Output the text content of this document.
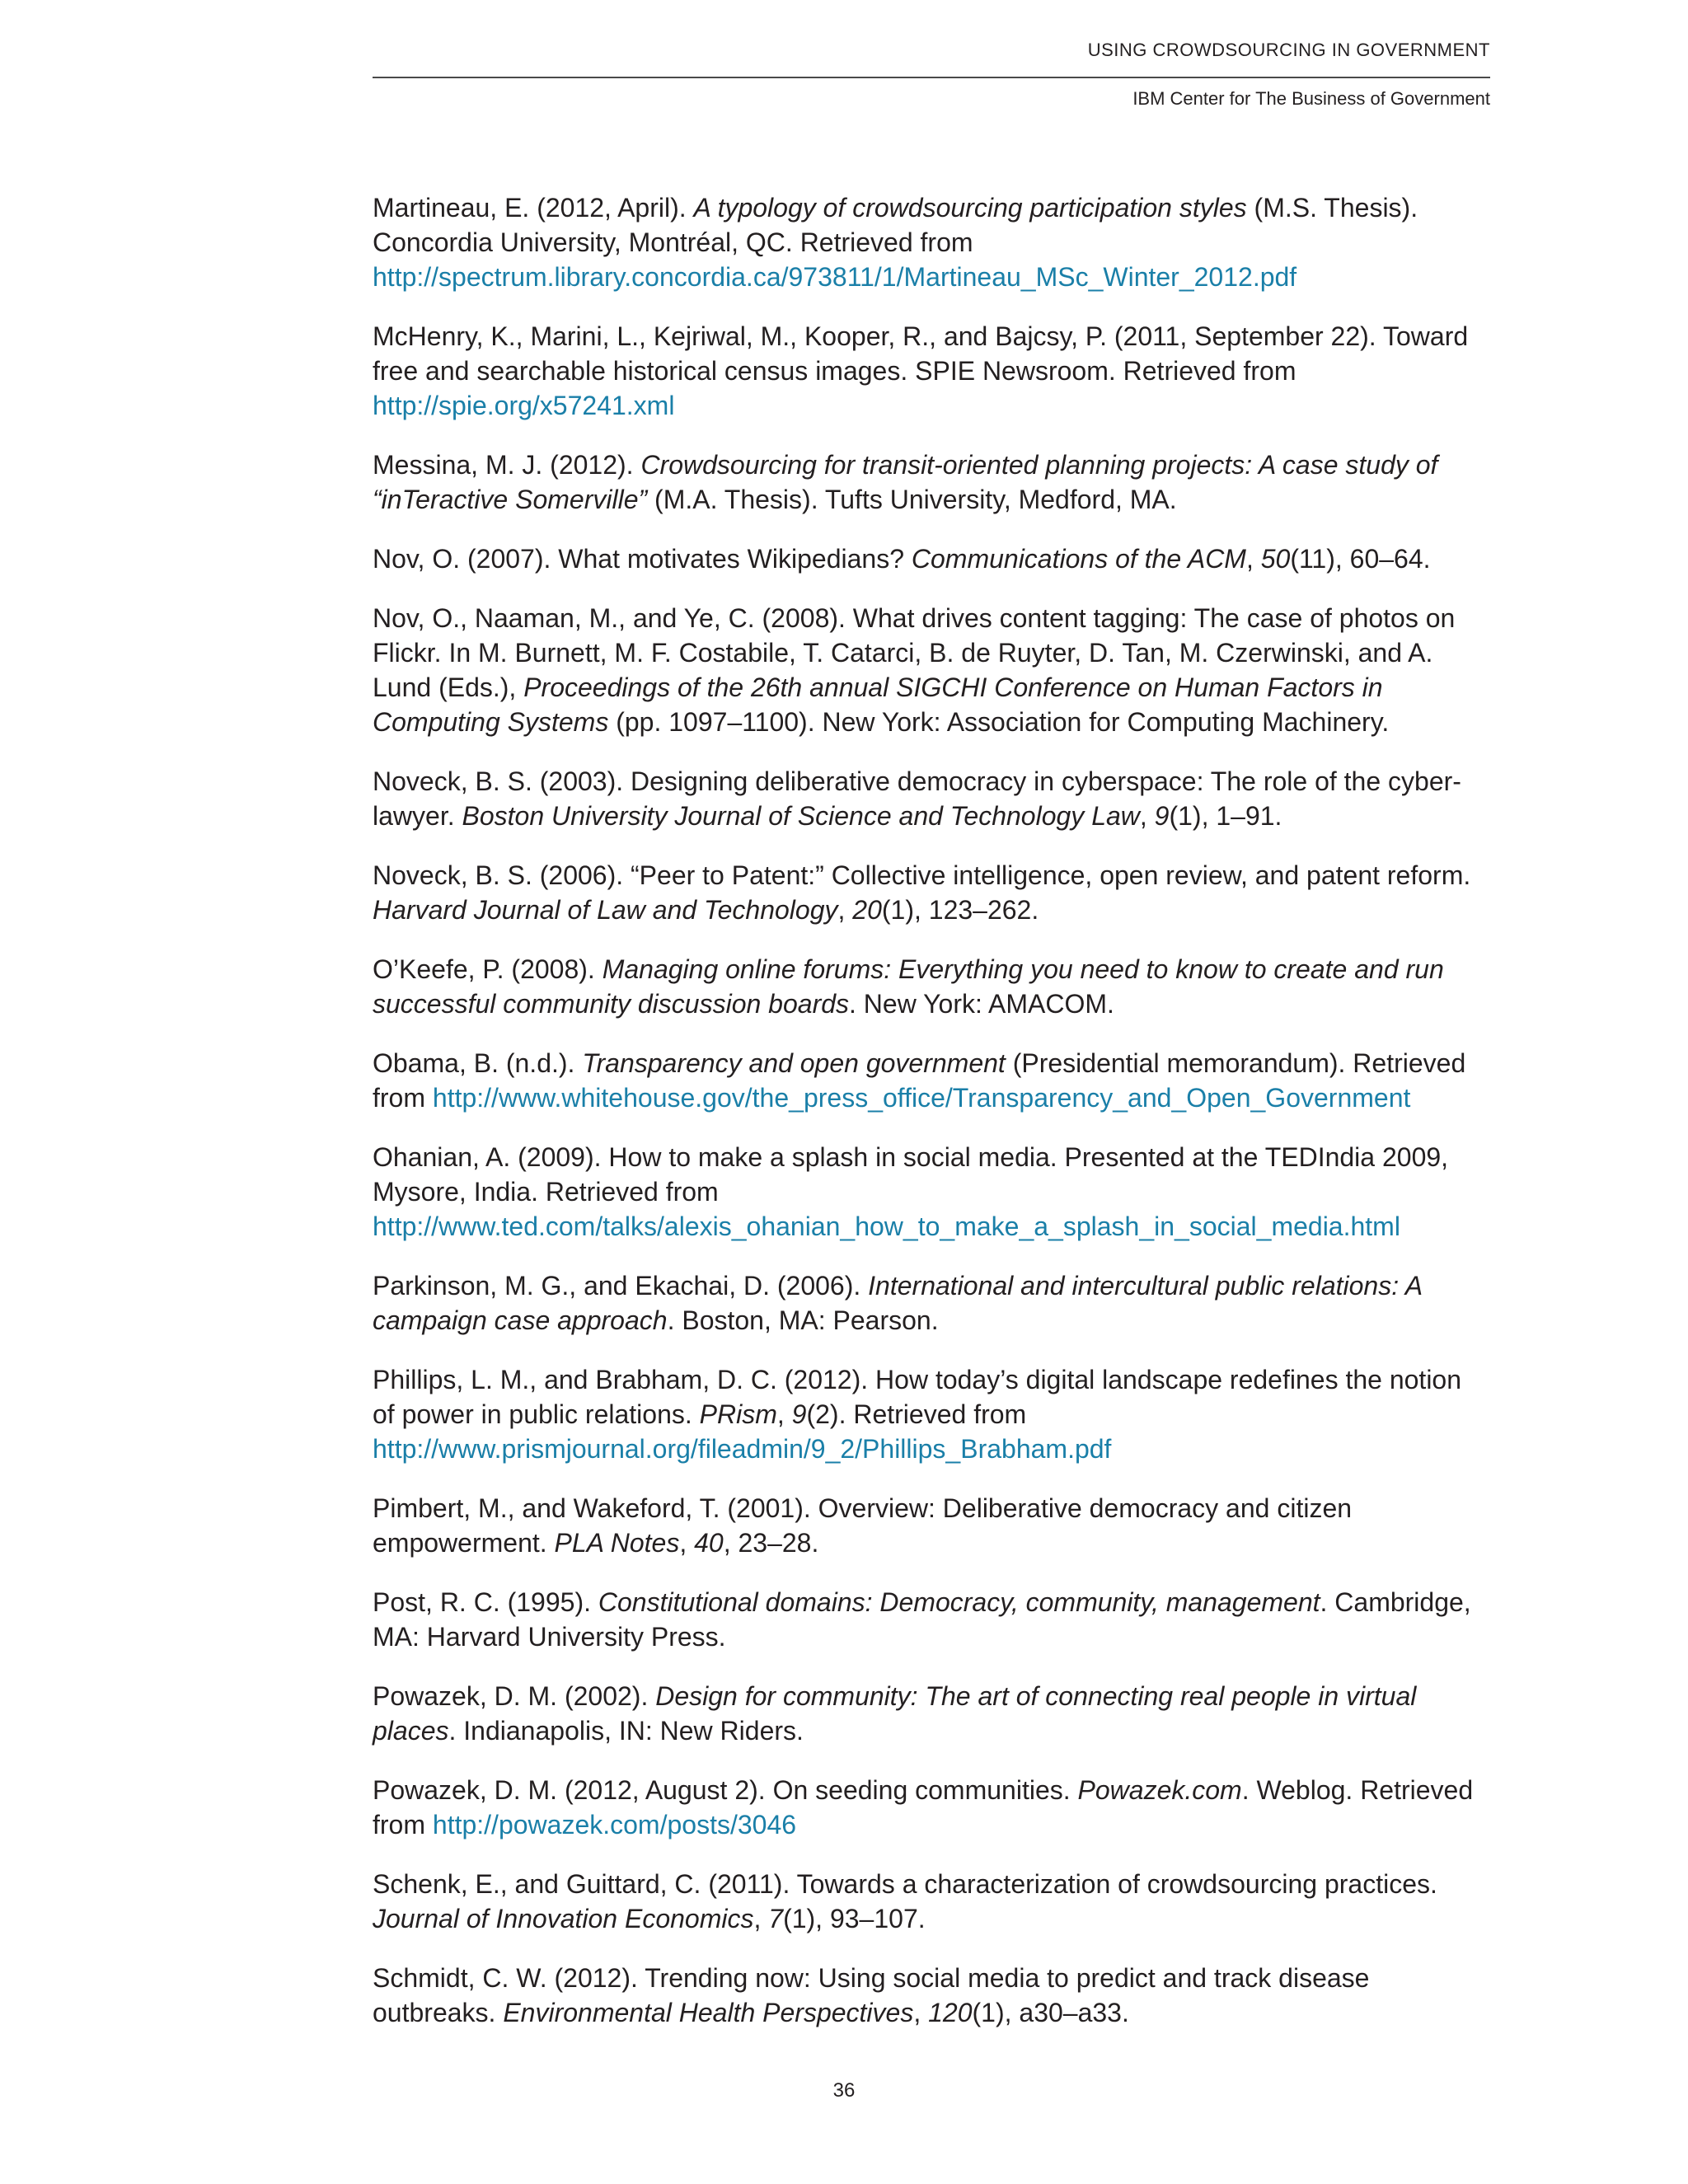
USING CROWDSOURCING IN GOVERNMENT
IBM Center for The Business of Government

Martineau, E. (2012, April). A typology of crowdsourcing participation styles (M.S. Thesis). Concordia University, Montréal, QC. Retrieved from http://spectrum.library.concordia.ca/973811/1/Martineau_MSc_Winter_2012.pdf

McHenry, K., Marini, L., Kejriwal, M., Kooper, R., and Bajcsy, P. (2011, September 22). Toward free and searchable historical census images. SPIE Newsroom. Retrieved from http://spie.org/x57241.xml

Messina, M. J. (2012). Crowdsourcing for transit-oriented planning projects: A case study of “inTeractive Somerville” (M.A. Thesis). Tufts University, Medford, MA.

Nov, O. (2007). What motivates Wikipedians? Communications of the ACM, 50(11), 60–64.

Nov, O., Naaman, M., and Ye, C. (2008). What drives content tagging: The case of photos on Flickr. In M. Burnett, M. F. Costabile, T. Catarci, B. de Ruyter, D. Tan, M. Czerwinski, and A. Lund (Eds.), Proceedings of the 26th annual SIGCHI Conference on Human Factors in Computing Systems (pp. 1097–1100). New York: Association for Computing Machinery.

Noveck, B. S. (2003). Designing deliberative democracy in cyberspace: The role of the cyber-lawyer. Boston University Journal of Science and Technology Law, 9(1), 1–91.

Noveck, B. S. (2006). “Peer to Patent:” Collective intelligence, open review, and patent reform. Harvard Journal of Law and Technology, 20(1), 123–262.

O’Keefe, P. (2008). Managing online forums: Everything you need to know to create and run successful community discussion boards. New York: AMACOM.

Obama, B. (n.d.). Transparency and open government (Presidential memorandum). Retrieved from http://www.whitehouse.gov/the_press_office/Transparency_and_Open_Government

Ohanian, A. (2009). How to make a splash in social media. Presented at the TEDIndia 2009, Mysore, India. Retrieved from http://www.ted.com/talks/alexis_ohanian_how_to_make_a_splash_in_social_media.html

Parkinson, M. G., and Ekachai, D. (2006). International and intercultural public relations: A campaign case approach. Boston, MA: Pearson.

Phillips, L. M., and Brabham, D. C. (2012). How today’s digital landscape redefines the notion of power in public relations. PRism, 9(2). Retrieved from http://www.prismjournal.org/fileadmin/9_2/Phillips_Brabham.pdf

Pimbert, M., and Wakeford, T. (2001). Overview: Deliberative democracy and citizen empowerment. PLA Notes, 40, 23–28.

Post, R. C. (1995). Constitutional domains: Democracy, community, management. Cambridge, MA: Harvard University Press.

Powazek, D. M. (2002). Design for community: The art of connecting real people in virtual places. Indianapolis, IN: New Riders.

Powazek, D. M. (2012, August 2). On seeding communities. Powazek.com. Weblog. Retrieved from http://powazek.com/posts/3046

Schenk, E., and Guittard, C. (2011). Towards a characterization of crowdsourcing practices. Journal of Innovation Economics, 7(1), 93–107.

Schmidt, C. W. (2012). Trending now: Using social media to predict and track disease outbreaks. Environmental Health Perspectives, 120(1), a30–a33.

36
